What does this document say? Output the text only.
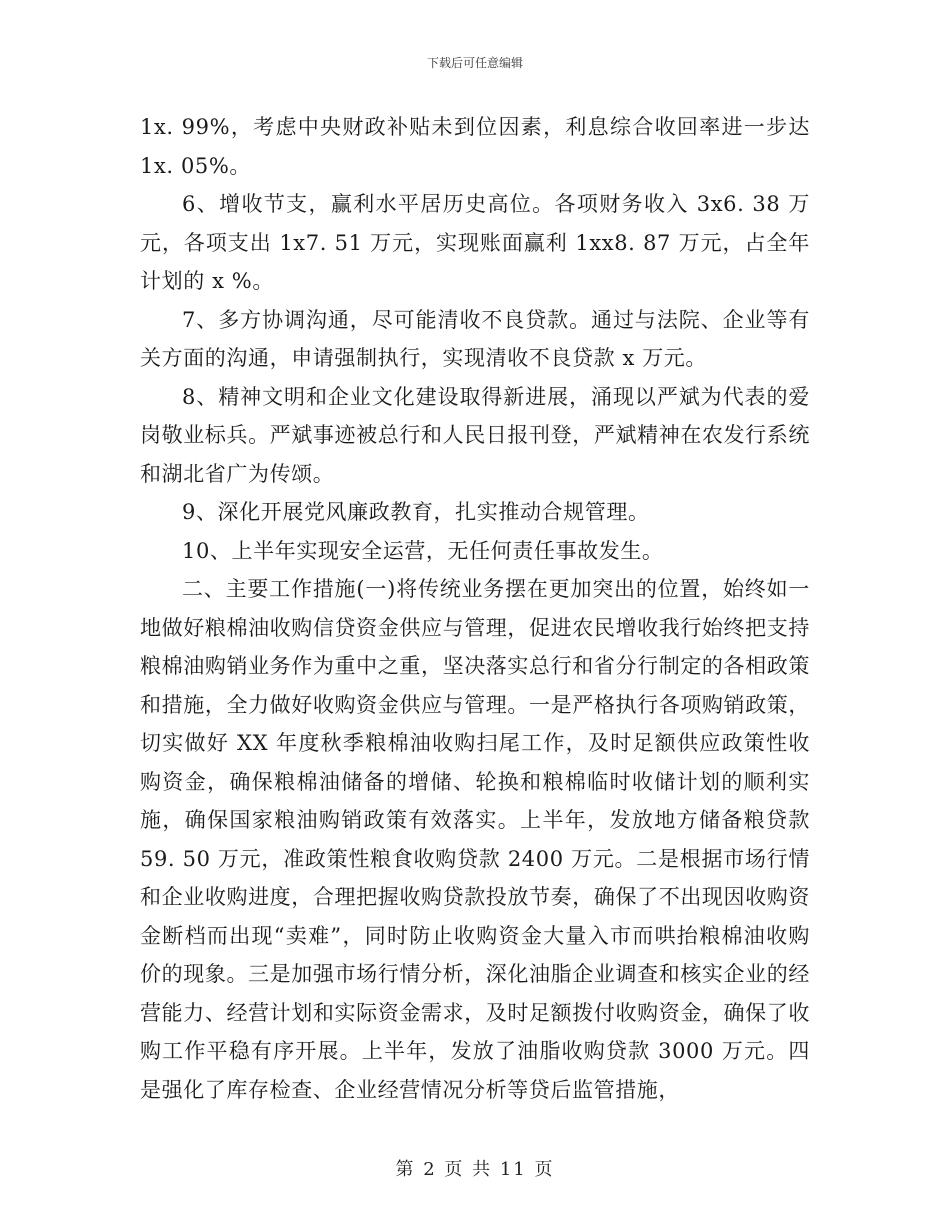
下载后可任意编辑

1x. 99%，考虑中央财政补贴未到位因素，利息综合收回率进一步达 1x. 05%。

6、增收节支，赢利水平居历史高位。各项财务收入 3x6. 38 万元，各项支出 1x7. 51 万元，实现账面赢利 1xx8. 87 万元，占全年计划的 x %。

7、多方协调沟通，尽可能清收不良贷款。通过与法院、企业等有关方面的沟通，申请强制执行，实现清收不良贷款 x 万元。

8、精神文明和企业文化建设取得新进展，涌现以严斌为代表的爱岗敬业标兵。严斌事迹被总行和人民日报刊登，严斌精神在农发行系统和湖北省广为传颂。

9、深化开展党风廉政教育，扎实推动合规管理。

10、上半年实现安全运营，无任何责任事故发生。

二、主要工作措施(一)将传统业务摆在更加突出的位置，始终如一地做好粮棉油收购信贷资金供应与管理，促进农民增收我行始终把支持粮棉油购销业务作为重中之重，坚决落实总行和省分行制定的各相政策和措施，全力做好收购资金供应与管理。一是严格执行各项购销政策，切实做好 XX 年度秋季粮棉油收购扫尾工作，及时足额供应政策性收购资金，确保粮棉油储备的增储、轮换和粮棉临时收储计划的顺利实施，确保国家粮油购销政策有效落实。上半年，发放地方储备粮贷款 59. 50 万元，准政策性粮食收购贷款 2400 万元。二是根据市场行情和企业收购进度，合理把握收购贷款投放节奏，确保了不出现因收购资金断档而出现“卖难”，同时防止收购资金大量入市而哄抬粮棉油收购价的现象。三是加强市场行情分析，深化油脂企业调查和核实企业的经营能力、经营计划和实际资金需求，及时足额拨付收购资金，确保了收购工作平稳有序开展。上半年，发放了油脂收购贷款 3000 万元。四是强化了库存检查、企业经营情况分析等贷后监管措施，

第 2 页 共 11 页
